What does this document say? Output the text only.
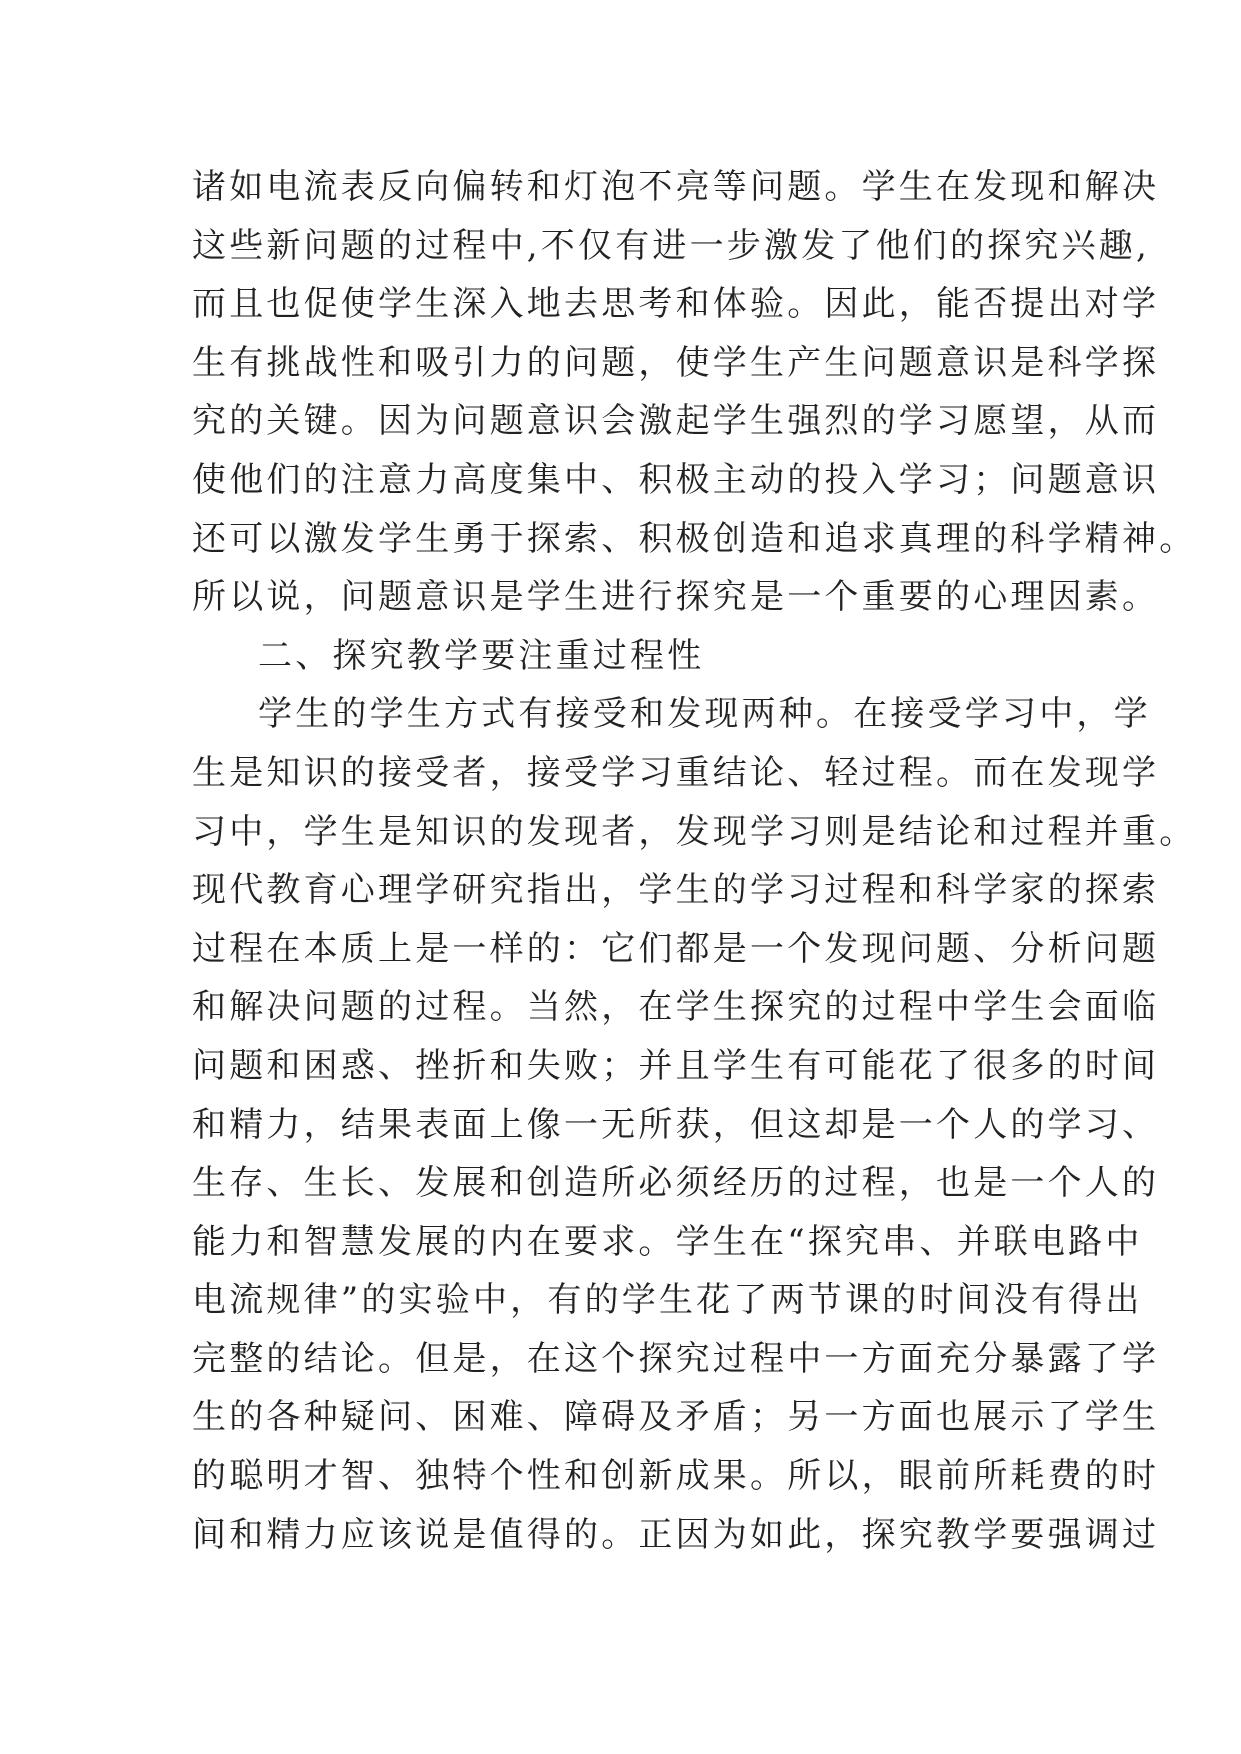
诸如电流表反向偏转和灯泡不亮等问题。学生在发现和解决
这些新问题的过程中,不仅有进一步激发了他们的探究兴趣,
而且也促使学生深入地去思考和体验。因此，能否提出对学
生有挑战性和吸引力的问题，使学生产生问题意识是科学探
究的关键。因为问题意识会激起学生强烈的学习愿望，从而
使他们的注意力高度集中、积极主动的投入学习；问题意识
还可以激发学生勇于探索、积极创造和追求真理的科学精神。
所以说，问题意识是学生进行探究是一个重要的心理因素。
二、探究教学要注重过程性
学生的学生方式有接受和发现两种。在接受学习中，学
生是知识的接受者，接受学习重结论、轻过程。而在发现学
习中，学生是知识的发现者，发现学习则是结论和过程并重。
现代教育心理学研究指出，学生的学习过程和科学家的探索
过程在本质上是一样的：它们都是一个发现问题、分析问题
和解决问题的过程。当然，在学生探究的过程中学生会面临
问题和困惑、挫折和失败；并且学生有可能花了很多的时间
和精力，结果表面上像一无所获，但这却是一个人的学习、
生存、生长、发展和创造所必须经历的过程，也是一个人的
能力和智慧发展的内在要求。学生在“探究串、并联电路中
电流规律”的实验中，有的学生花了两节课的时间没有得出
完整的结论。但是，在这个探究过程中一方面充分暴露了学
生的各种疑问、困难、障碍及矛盾；另一方面也展示了学生
的聪明才智、独特个性和创新成果。所以，眼前所耗费的时
间和精力应该说是值得的。正因为如此，探究教学要强调过
